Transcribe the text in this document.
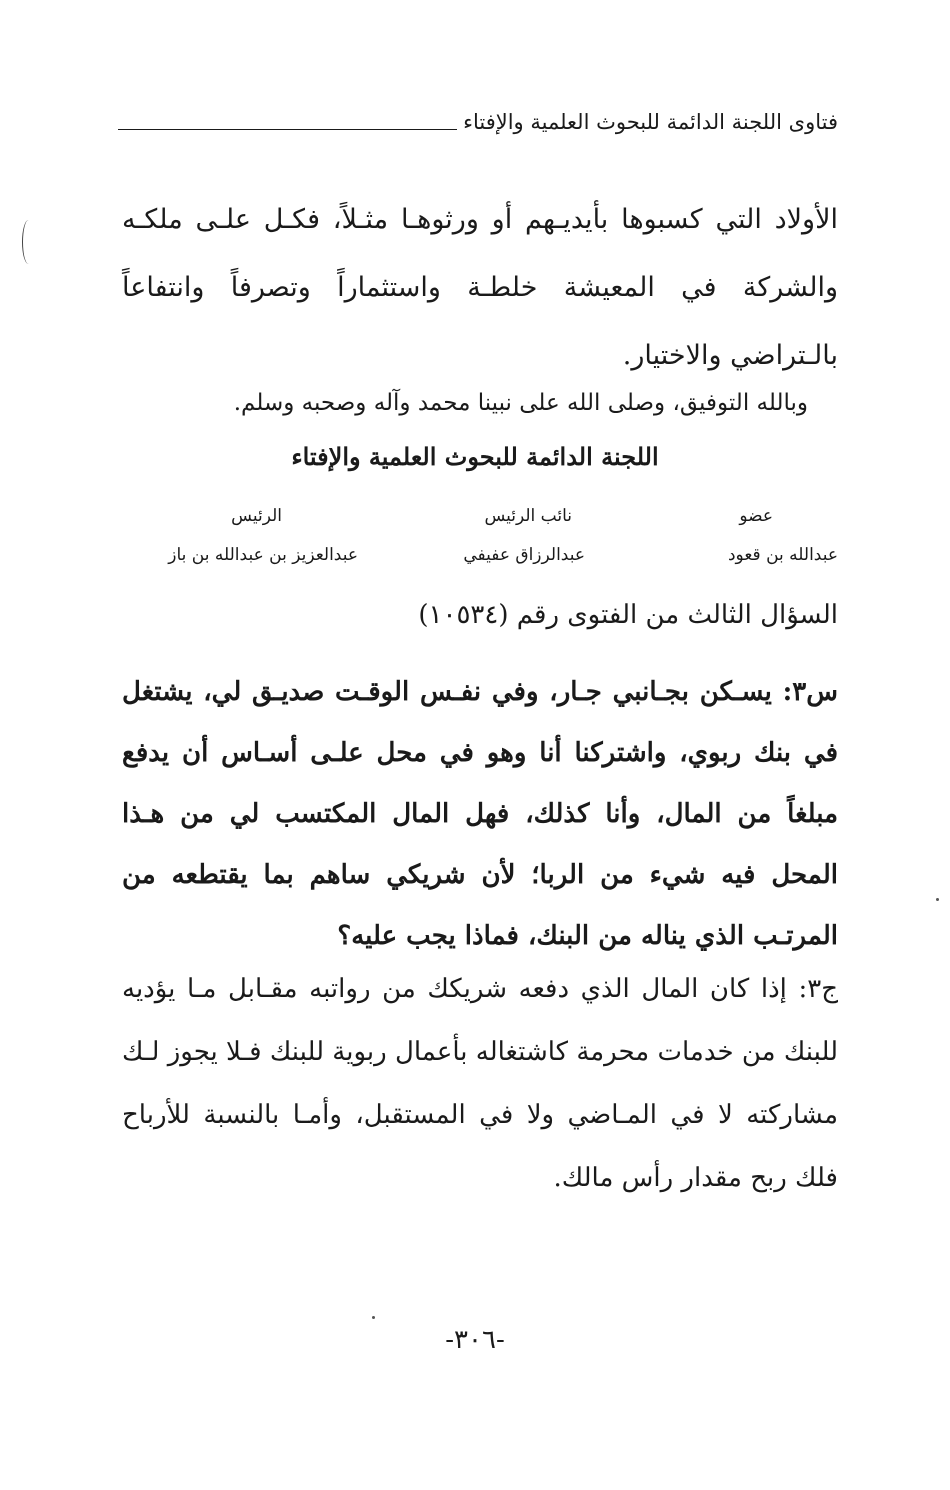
فتاوى اللجنة الدائمة للبحوث العلمية والإفتاء

الأولاد التي كسبوها بأيديـهم أو ورثوهـا مثـلاً، فكـل علـى ملكـه والشركة في المعيشة خلطـة واستثماراً وتصرفاً وانتفاعاً بالـتراضي والاختيار.

وبالله التوفيق، وصلى الله على نبينا محمد وآله وصحبه وسلم.
اللجنة الدائمة للبحوث العلمية والإفتاء
الرئيس	نائب الرئيس	عضو
عبدالعزيز بن عبدالله بن باز	عبدالرزاق عفيفي	عبدالله بن قعود
السؤال الثالث من الفتوى رقم (١٠٥٣٤)

س٣: يسـكن بجـانبي جـار، وفي نفـس الوقـت صديـق لي، يشتغل في بنك ربوي، واشتركنا أنا وهو في محل علـى أسـاس أن يدفع مبلغاً من المال، وأنا كذلك، فهل المال المكتسب لي من هـذا المحل فيه شيء من الربا؛ لأن شريكي ساهم بما يقتطعه من المرتـب الذي يناله من البنك، فماذا يجب عليه؟

ج٣: إذا كان المال الذي دفعه شريكك من رواتبه مقـابل مـا يؤديه للبنك من خدمات محرمة كاشتغاله بأعمال ربوية للبنك فـلا يجوز لـك مشاركته لا في المـاضي ولا في المستقبل، وأمـا بالنسبة للأرباح فلك ربح مقدار رأس مالك.

-٣٠٦-
